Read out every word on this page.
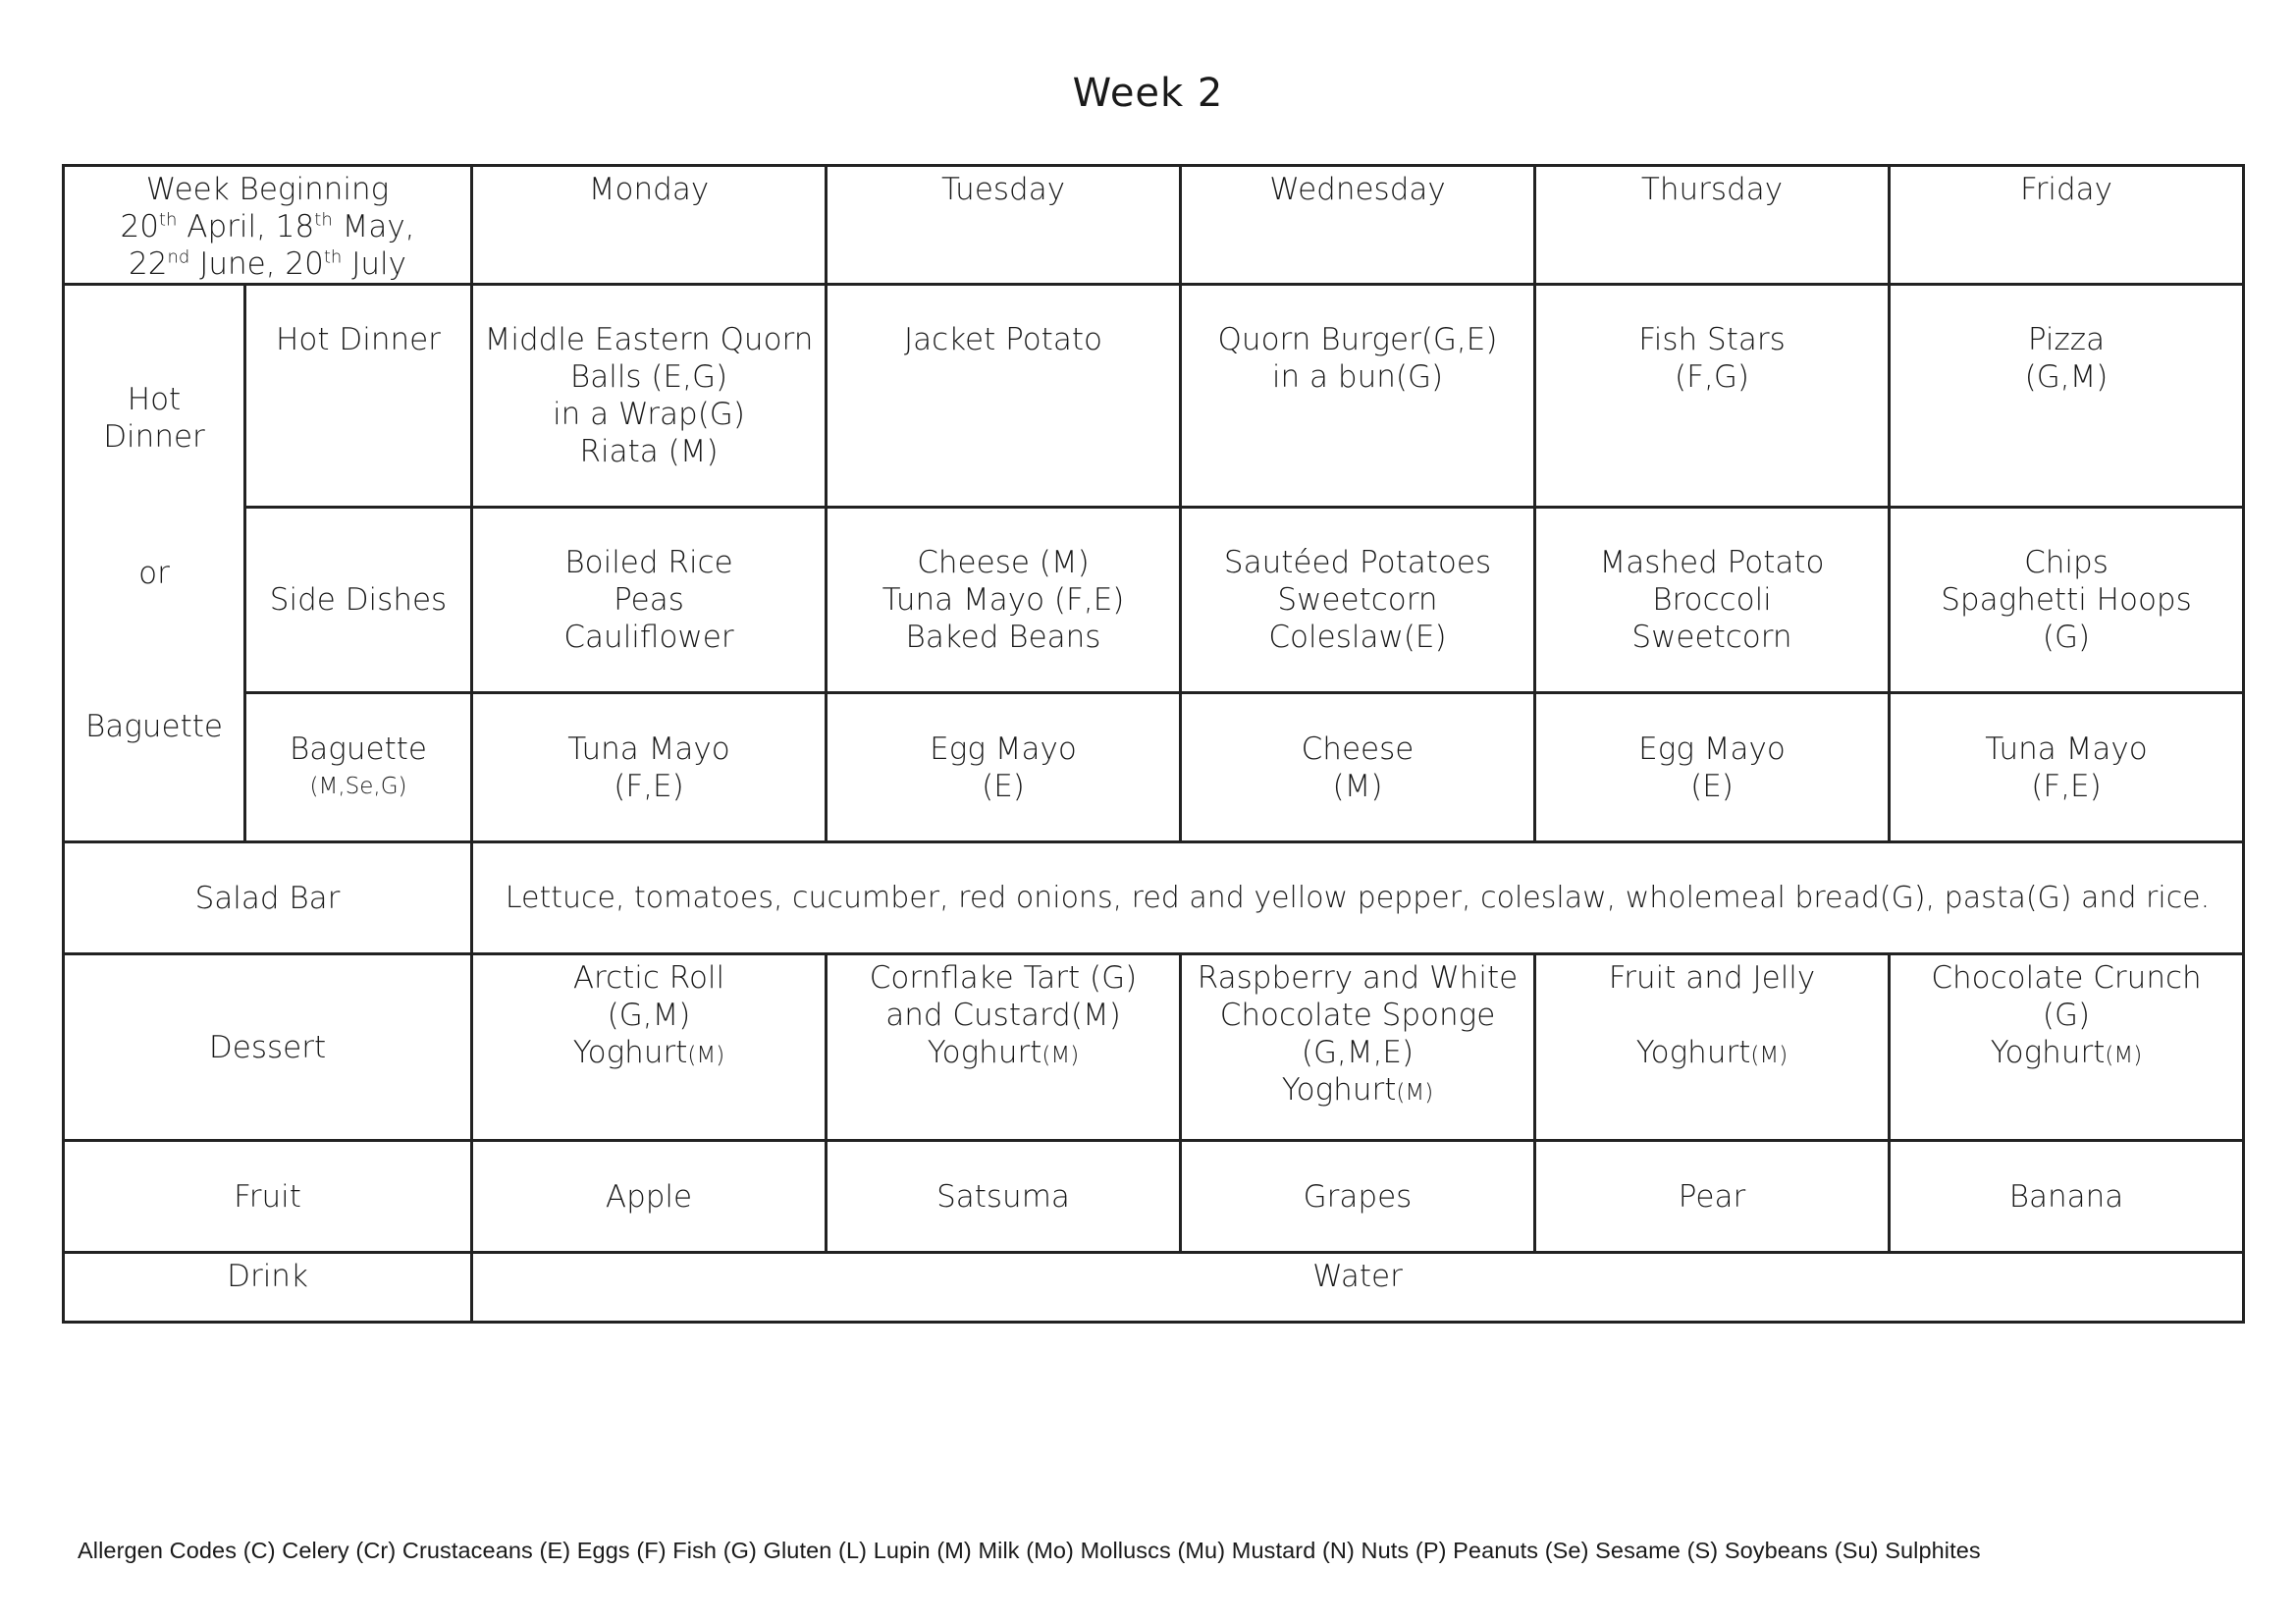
Week 2
Week Beginning
20th April, 18th May,
22nd June, 20th July		Monday	Tuesday	Wednesday	Thursday	Friday

Hot
Dinner
or
Baguette	Hot Dinner	Middle Eastern Quorn
Balls (E,G)
in a Wrap(G)
Riata (M)	Jacket Potato	Quorn Burger(G,E)
in a bun(G)	Fish Stars
(F,G)	Pizza
(G,M)

	Side Dishes	Boiled Rice
Peas
Cauliflower	Cheese (M)
Tuna Mayo (F,E)
Baked Beans	Sautéed Potatoes
Sweetcorn
Coleslaw(E)	Mashed Potato
Broccoli
Sweetcorn	Chips
Spaghetti Hoops
(G)

	Baguette
(M,Se,G)	Tuna Mayo
(F,E)	Egg Mayo
(E)	Cheese
(M)	Egg Mayo
(E)	Tuna Mayo
(F,E)

Salad Bar		Lettuce, tomatoes, cucumber, red onions, red and yellow pepper, coleslaw, wholemeal bread(G), pasta(G) and rice.				
Dessert		Arctic Roll
(G,M)
Yoghurt(M)	Cornflake Tart (G)
and Custard(M)
Yoghurt(M)	Raspberry and White
Chocolate Sponge
(G,M,E)
Yoghurt(M)	Fruit and Jelly
Yoghurt(M)	Chocolate Crunch
(G)
Yoghurt(M)

Fruit		Apple	Satsuma	Grapes	Pear	Banana
Drink		Water				
Allergen Codes (C) Celery (Cr) Crustaceans (E) Eggs (F) Fish (G) Gluten (L) Lupin (M) Milk (Mo) Molluscs (Mu) Mustard (N) Nuts (P) Peanuts (Se) Sesame (S) Soybeans (Su) Sulphites
